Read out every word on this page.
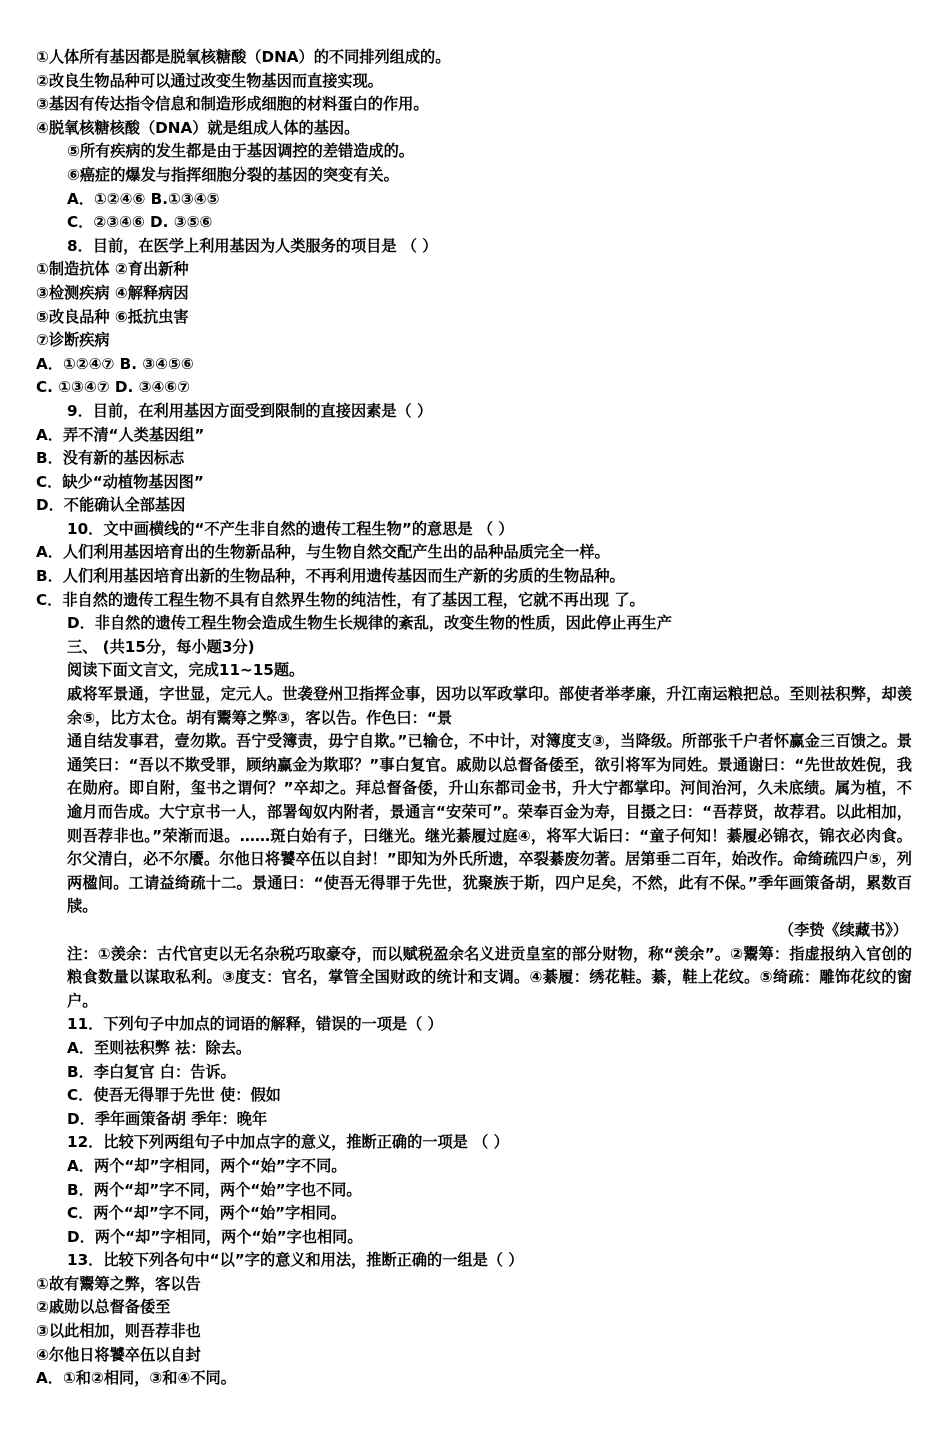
①人体所有基因都是脱氧核糖酸（DNA）的不同排列组成的。
②改良生物品种可以通过改变生物基因而直接实现。
③基因有传达指令信息和制造形成细胞的材料蛋白的作用。
④脱氧核糖核酸（DNA）就是组成人体的基因。
⑤所有疾病的发生都是由于基因调控的差错造成的。
⑥癌症的爆发与指挥细胞分裂的基因的突变有关。
A．①②④⑥ B.①③④⑤
C．②③④⑥ D. ③⑤⑥
8．目前，在医学上利用基因为人类服务的项目是 （ ）
①制造抗体 ②育出新种
③检测疾病 ④解释病因
⑤改良品种 ⑥抵抗虫害
⑦诊断疾病
A．①②④⑦ B. ③④⑤⑥
C. ①③④⑦ D. ③④⑥⑦
9．目前，在利用基因方面受到限制的直接因素是（ ）
A．弄不清“人类基因组”
B．没有新的基因标志
C．缺少“动植物基因图”
D．不能确认全部基因
10．文中画横线的“不产生非自然的遗传工程生物”的意思是 （ ）
A．人们利用基因培育出的生物新品种，与生物自然交配产生出的品种品质完全一样。
B．人们利用基因培育出新的生物品种，不再利用遗传基因而生产新的劣质的生物品种。
C．非自然的遗传工程生物不具有自然界生物的纯洁性，有了基因工程，它就不再出现 了。
D．非自然的遗传工程生物会造成生物生长规律的紊乱，改变生物的性质，因此停止再生产
三、 (共15分，每小题3分)
阅读下面文言文，完成11~15题。
戚将军景通，字世显，定元人。世袭登州卫指挥佥事，因功以军政掌印。部使者举孝廉，升江南运粮把总。至则祛积弊，却羡余⑤，比方太仓。胡有鬻筹之弊③，客以告。作色曰：“景
通自结发事君，壹勿欺。吾宁受簿责，毋宁自欺。”已输仓，不中计，对簿度支③，当降级。所部张千户者怀赢金三百馈之。景通笑曰：“吾以不欺受罪，顾纳赢金为欺耶？”事白复官。戚勋以总督备倭至，欲引将军为同姓。景通谢曰：“先世故姓倪，我在勋府。即自附，玺书之谓何？”卒却之。拜总督备倭，升山东都司金书，升大宁都掌印。河间治河，久未底绩。属为植，不逾月而告成。大宁京书一人，部署匈奴内附者，景通言“安荣可”。荣奉百金为寿，目摄之曰：“吾荐贤，故荐君。以此相加，则吾荐非也。”荣渐而退。……斑白始有子，曰继光。继光綦履过庭④，将军大诟曰：“童子何知！綦履必锦衣，锦衣必肉食。尔父清白，必不尔餍。尔他日将饕卒伍以自封！”即知为外氏所遗，卒裂綦废勿著。居第垂二百年，始改作。命绮疏四户⑤，列两楹间。工请益绮疏十二。景通曰：“使吾无得罪于先世，犹聚族于斯，四户足矣，不然，此有不保。”季年画策备胡，累数百牍。
（李贽《续藏书》）
注：①羡余：古代官吏以无名杂税巧取豪夺，而以赋税盈余名义进贡皇室的部分财物，称“羡余”。②鬻筹：指虚报纳入官创的粮食数量以谋取私利。③度支：官名，掌管全国财政的统计和支调。④綦履：绣花鞋。綦，鞋上花纹。⑤绮疏：雕饰花纹的窗户。
11．下列句子中加点的词语的解释，错误的一项是（ ）
A．至则祛积弊 祛：除去。
B．李白复官 白：告诉。
C．使吾无得罪于先世 使：假如
D．季年画策备胡 季年：晚年
12．比较下列两组句子中加点字的意义，推断正确的一项是 （ ）
A．两个“却”字相同，两个“始”字不同。
B．两个“却”字不同，两个“始”字也不同。
C．两个“却”字不同，两个“始”字相同。
D．两个“却”字相同，两个“始”字也相同。
13．比较下列各句中“以”字的意义和用法，推断正确的一组是（ ）
①故有鬻筹之弊，客以告
②戚勋以总督备倭至
③以此相加，则吾荐非也
④尔他日将饕卒伍以自封
A．①和②相同，③和④不同。
